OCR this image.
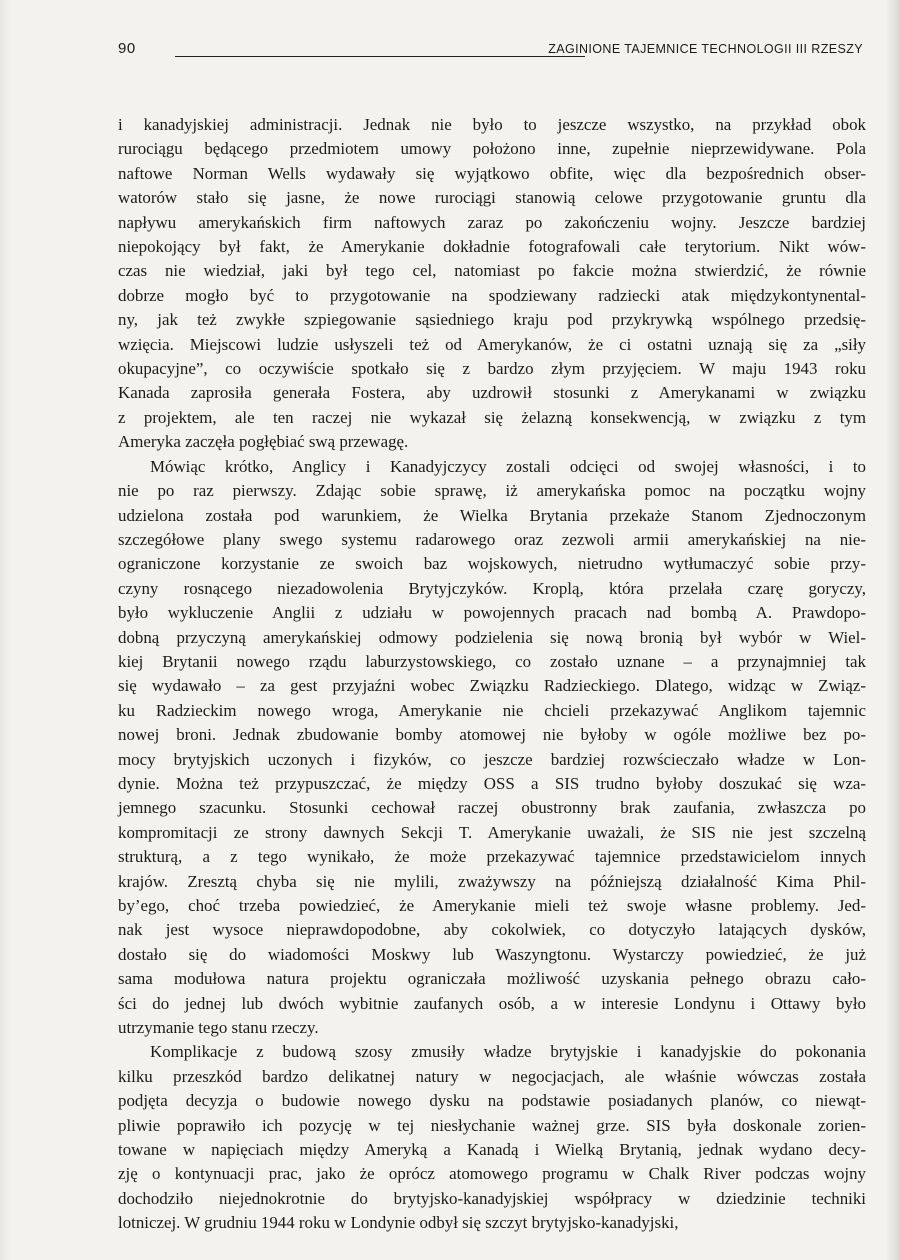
90	ZAGINIONE TAJEMNICE TECHNOLOGII III RZESZY

i kanadyjskiej administracji. Jednak nie było to jeszcze wszystko, na przykład obok
rurociągu będącego przedmiotem umowy położono inne, zupełnie nieprzewidywane. Pola
naftowe Norman Wells wydawały się wyjątkowo obfite, więc dla bezpośrednich obser-
watorów stało się jasne, że nowe rurociągi stanowią celowe przygotowanie gruntu dla
napływu amerykańskich firm naftowych zaraz po zakończeniu wojny. Jeszcze bardziej
niepokojący był fakt, że Amerykanie dokładnie fotografowali całe terytorium. Nikt wów-
czas nie wiedział, jaki był tego cel, natomiast po fakcie można stwierdzić, że równie
dobrze mogło być to przygotowanie na spodziewany radziecki atak międzykontynental-
ny, jak też zwykłe szpiegowanie sąsiedniego kraju pod przykrywką wspólnego przedsię-
wzięcia. Miejscowi ludzie usłyszeli też od Amerykanów, że ci ostatni uznają się za „siły
okupacyjne”, co oczywiście spotkało się z bardzo złym przyjęciem. W maju 1943 roku
Kanada zaprosiła generała Fostera, aby uzdrowił stosunki z Amerykanami w związku
z projektem, ale ten raczej nie wykazał się żelazną konsekwencją, w związku z tym
Ameryka zaczęła pogłębiać swą przewagę.

Mówiąc krótko, Anglicy i Kanadyjczycy zostali odcięci od swojej własności, i to
nie po raz pierwszy. Zdając sobie sprawę, iż amerykańska pomoc na początku wojny
udzielona została pod warunkiem, że Wielka Brytania przekaże Stanom Zjednoczonym
szczegółowe plany swego systemu radarowego oraz zezwoli armii amerykańskiej na nie-
ograniczone korzystanie ze swoich baz wojskowych, nietrudno wytłumaczyć sobie przy-
czyny rosnącego niezadowolenia Brytyjczyków. Kroplą, która przelała czarę goryczy,
było wykluczenie Anglii z udziału w powojennych pracach nad bombą A. Prawdopo-
dobną przyczyną amerykańskiej odmowy podzielenia się nową bronią był wybór w Wiel-
kiej Brytanii nowego rządu laburzystowskiego, co zostało uznane – a przynajmniej tak
się wydawało – za gest przyjaźni wobec Związku Radzieckiego. Dlatego, widząc w Związ-
ku Radzieckim nowego wroga, Amerykanie nie chcieli przekazywać Anglikom tajemnic
nowej broni. Jednak zbudowanie bomby atomowej nie byłoby w ogóle możliwe bez po-
mocy brytyjskich uczonych i fizyków, co jeszcze bardziej rozwścieczało władze w Lon-
dynie. Można też przypuszczać, że między OSS a SIS trudno byłoby doszukać się wza-
jemnego szacunku. Stosunki cechował raczej obustronny brak zaufania, zwłaszcza po
kompromitacji ze strony dawnych Sekcji T. Amerykanie uważali, że SIS nie jest szczelną
strukturą, a z tego wynikało, że może przekazywać tajemnice przedstawicielom innych
krajów. Zresztą chyba się nie mylili, zważywszy na późniejszą działalność Kima Phil-
by’ego, choć trzeba powiedzieć, że Amerykanie mieli też swoje własne problemy. Jed-
nak jest wysoce nieprawdopodobne, aby cokolwiek, co dotyczyło latających dysków,
dostało się do wiadomości Moskwy lub Waszyngtonu. Wystarczy powiedzieć, że już
sama modułowa natura projektu ograniczała możliwość uzyskania pełnego obrazu cało-
ści do jednej lub dwóch wybitnie zaufanych osób, a w interesie Londynu i Ottawy było
utrzymanie tego stanu rzeczy.

Komplikacje z budową szosy zmusiły władze brytyjskie i kanadyjskie do pokonania
kilku przeszkód bardzo delikatnej natury w negocjacjach, ale właśnie wówczas została
podjęta decyzja o budowie nowego dysku na podstawie posiadanych planów, co niewąt-
pliwie poprawiło ich pozycję w tej niesłychanie ważnej grze. SIS była doskonale zorien-
towane w napięciach między Ameryką a Kanadą i Wielką Brytanią, jednak wydano decy-
zję o kontynuacji prac, jako że oprócz atomowego programu w Chalk River podczas wojny
dochodziło niejednokrotnie do brytyjsko-kanadyjskiej współpracy w dziedzinie techniki
lotniczej. W grudniu 1944 roku w Londynie odbył się szczyt brytyjsko-kanadyjski,
